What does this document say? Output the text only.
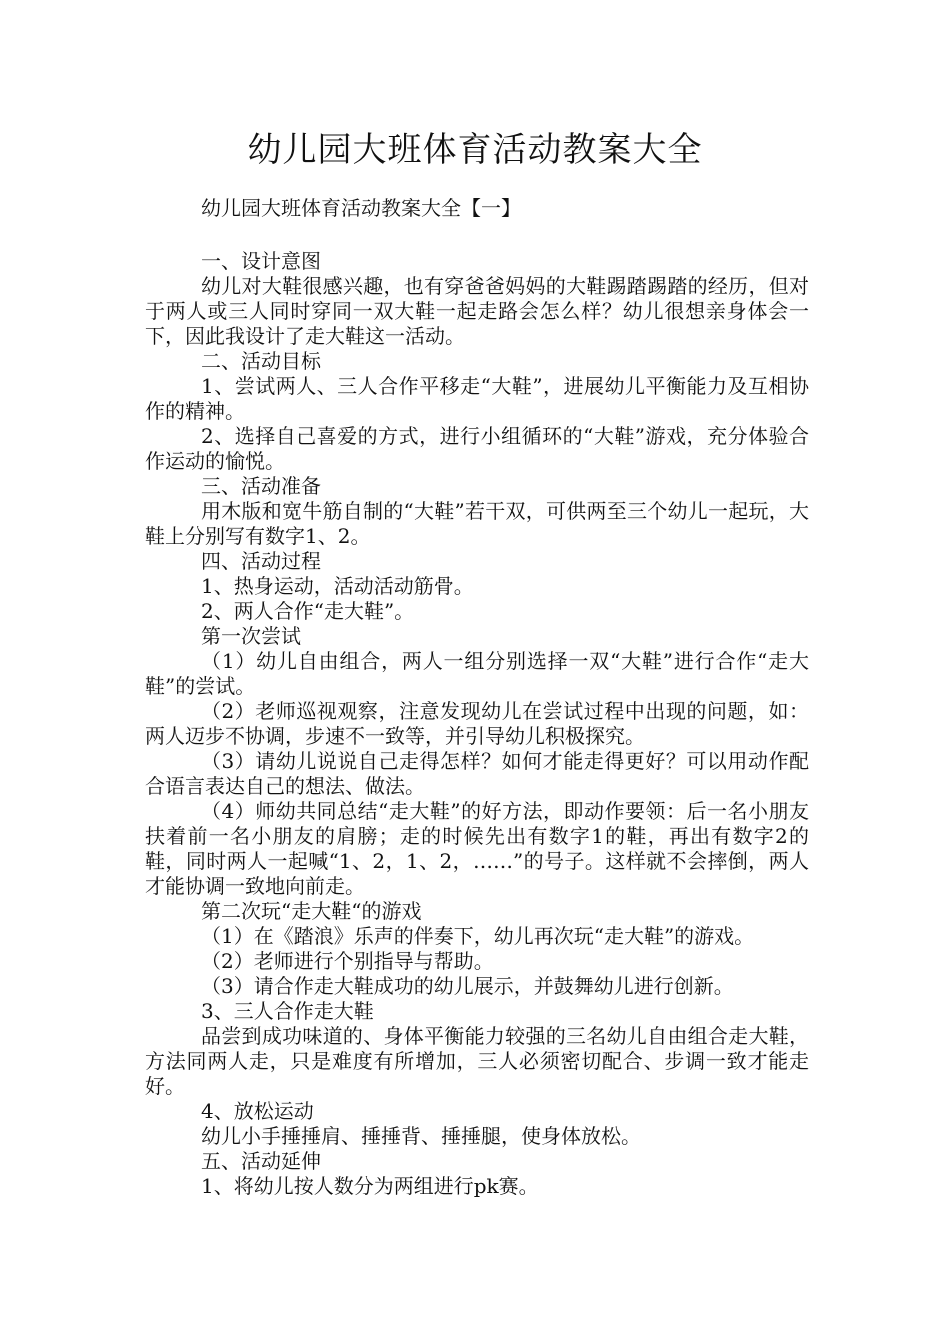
幼儿园大班体育活动教案大全

幼儿园大班体育活动教案大全【一】

一、设计意图

幼儿对大鞋很感兴趣，也有穿爸爸妈妈的大鞋踢踏踢踏的经历，但对于两人或三人同时穿同一双大鞋一起走路会怎么样？幼儿很想亲身体会一下，因此我设计了走大鞋这一活动。

二、活动目标

1、尝试两人、三人合作平移走“大鞋”，进展幼儿平衡能力及互相协作的精神。

2、选择自己喜爱的方式，进行小组循环的“大鞋”游戏，充分体验合作运动的愉悦。

三、活动准备

用木版和宽牛筋自制的“大鞋”若干双，可供两至三个幼儿一起玩，大鞋上分别写有数字1、2。

四、活动过程

1、热身运动，活动活动筋骨。

2、两人合作“走大鞋”。

第一次尝试

（1）幼儿自由组合，两人一组分别选择一双“大鞋”进行合作“走大鞋”的尝试。

（2）老师巡视观察，注意发现幼儿在尝试过程中出现的问题，如：两人迈步不协调，步速不一致等，并引导幼儿积极探究。

（3）请幼儿说说自己走得怎样？如何才能走得更好？可以用动作配合语言表达自己的想法、做法。

（4）师幼共同总结“走大鞋”的好方法，即动作要领：后一名小朋友扶着前一名小朋友的肩膀；走的时候先出有数字1的鞋，再出有数字2的鞋，同时两人一起喊“1、2，1、2，……”的号子。这样就不会摔倒，两人才能协调一致地向前走。

第二次玩“走大鞋“的游戏

（1）在《踏浪》乐声的伴奏下，幼儿再次玩“走大鞋”的游戏。

（2）老师进行个别指导与帮助。

（3）请合作走大鞋成功的幼儿展示，并鼓舞幼儿进行创新。

3、三人合作走大鞋

品尝到成功味道的、身体平衡能力较强的三名幼儿自由组合走大鞋，方法同两人走，只是难度有所增加，三人必须密切配合、步调一致才能走好。

4、放松运动

幼儿小手捶捶肩、捶捶背、捶捶腿，使身体放松。

五、活动延伸

1、将幼儿按人数分为两组进行pk赛。
